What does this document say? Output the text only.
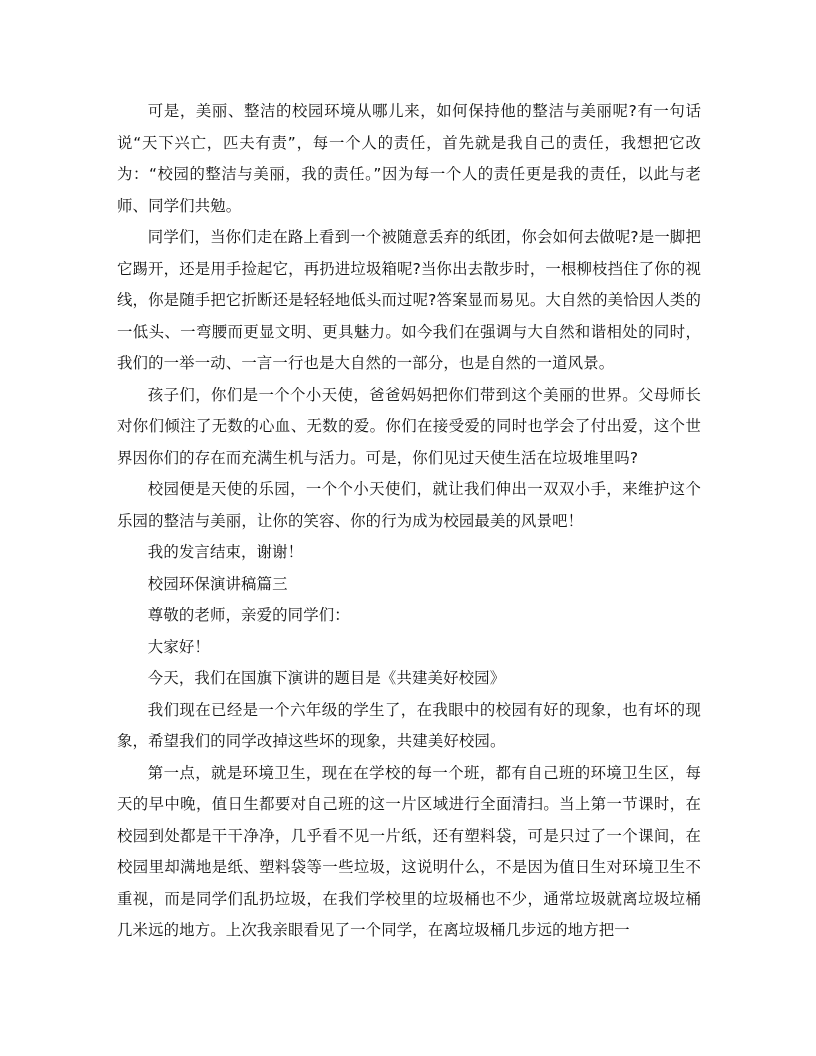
可是，美丽、整洁的校园环境从哪儿来，如何保持他的整洁与美丽呢?有一句话说“天下兴亡，匹夫有责”，每一个人的责任，首先就是我自己的责任，我想把它改为：“校园的整洁与美丽，我的责任。”因为每一个人的责任更是我的责任，以此与老师、同学们共勉。

同学们，当你们走在路上看到一个被随意丢弃的纸团，你会如何去做呢?是一脚把它踢开，还是用手捡起它，再扔进垃圾箱呢?当你出去散步时，一根柳枝挡住了你的视线，你是随手把它折断还是轻轻地低头而过呢?答案显而易见。大自然的美恰因人类的一低头、一弯腰而更显文明、更具魅力。如今我们在强调与大自然和谐相处的同时，我们的一举一动、一言一行也是大自然的一部分，也是自然的一道风景。

孩子们，你们是一个个小天使，爸爸妈妈把你们带到这个美丽的世界。父母师长对你们倾注了无数的心血、无数的爱。你们在接受爱的同时也学会了付出爱，这个世界因你们的存在而充满生机与活力。可是，你们见过天使生活在垃圾堆里吗?

校园便是天使的乐园，一个个小天使们，就让我们伸出一双双小手，来维护这个乐园的整洁与美丽，让你的笑容、你的行为成为校园最美的风景吧！

我的发言结束，谢谢！

校园环保演讲稿篇三

尊敬的老师，亲爱的同学们：

大家好！

今天，我们在国旗下演讲的题目是《共建美好校园》

我们现在已经是一个六年级的学生了，在我眼中的校园有好的现象，也有坏的现象，希望我们的同学改掉这些坏的现象，共建美好校园。

第一点，就是环境卫生，现在在学校的每一个班，都有自己班的环境卫生区，每天的早中晚，值日生都要对自己班的这一片区域进行全面清扫。当上第一节课时，在校园到处都是干干净净，几乎看不见一片纸，还有塑料袋，可是只过了一个课间，在校园里却满地是纸、塑料袋等一些垃圾，这说明什么，不是因为值日生对环境卫生不重视，而是同学们乱扔垃圾，在我们学校里的垃圾桶也不少，通常垃圾就离垃圾垃桶几米远的地方。上次我亲眼看见了一个同学，在离垃圾桶几步远的地方把一
